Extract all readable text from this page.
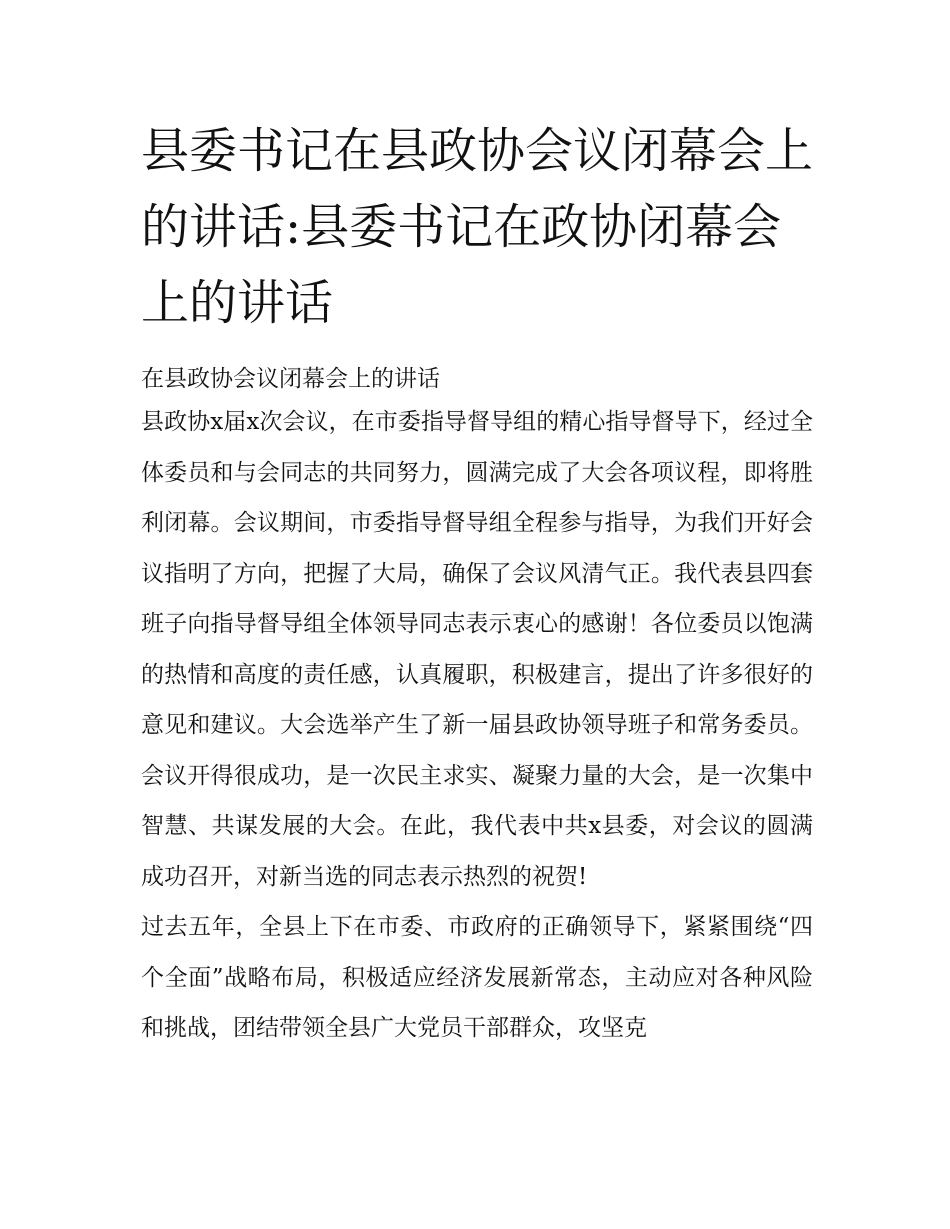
县委书记在县政协会议闭幕会上的讲话:县委书记在政协闭幕会上的讲话
在县政协会议闭幕会上的讲话

县政协x届x次会议，在市委指导督导组的精心指导督导下，经过全体委员和与会同志的共同努力，圆满完成了大会各项议程，即将胜利闭幕。会议期间，市委指导督导组全程参与指导，为我们开好会议指明了方向，把握了大局，确保了会议风清气正。我代表县四套班子向指导督导组全体领导同志表示衷心的感谢！各位委员以饱满的热情和高度的责任感，认真履职，积极建言，提出了许多很好的意见和建议。大会选举产生了新一届县政协领导班子和常务委员。会议开得很成功，是一次民主求实、凝聚力量的大会，是一次集中智慧、共谋发展的大会。在此，我代表中共x县委，对会议的圆满成功召开，对新当选的同志表示热烈的祝贺!

过去五年，全县上下在市委、市政府的正确领导下，紧紧围绕“四个全面”战略布局，积极适应经济发展新常态，主动应对各种风险和挑战，团结带领全县广大党员干部群众，攻坚克
